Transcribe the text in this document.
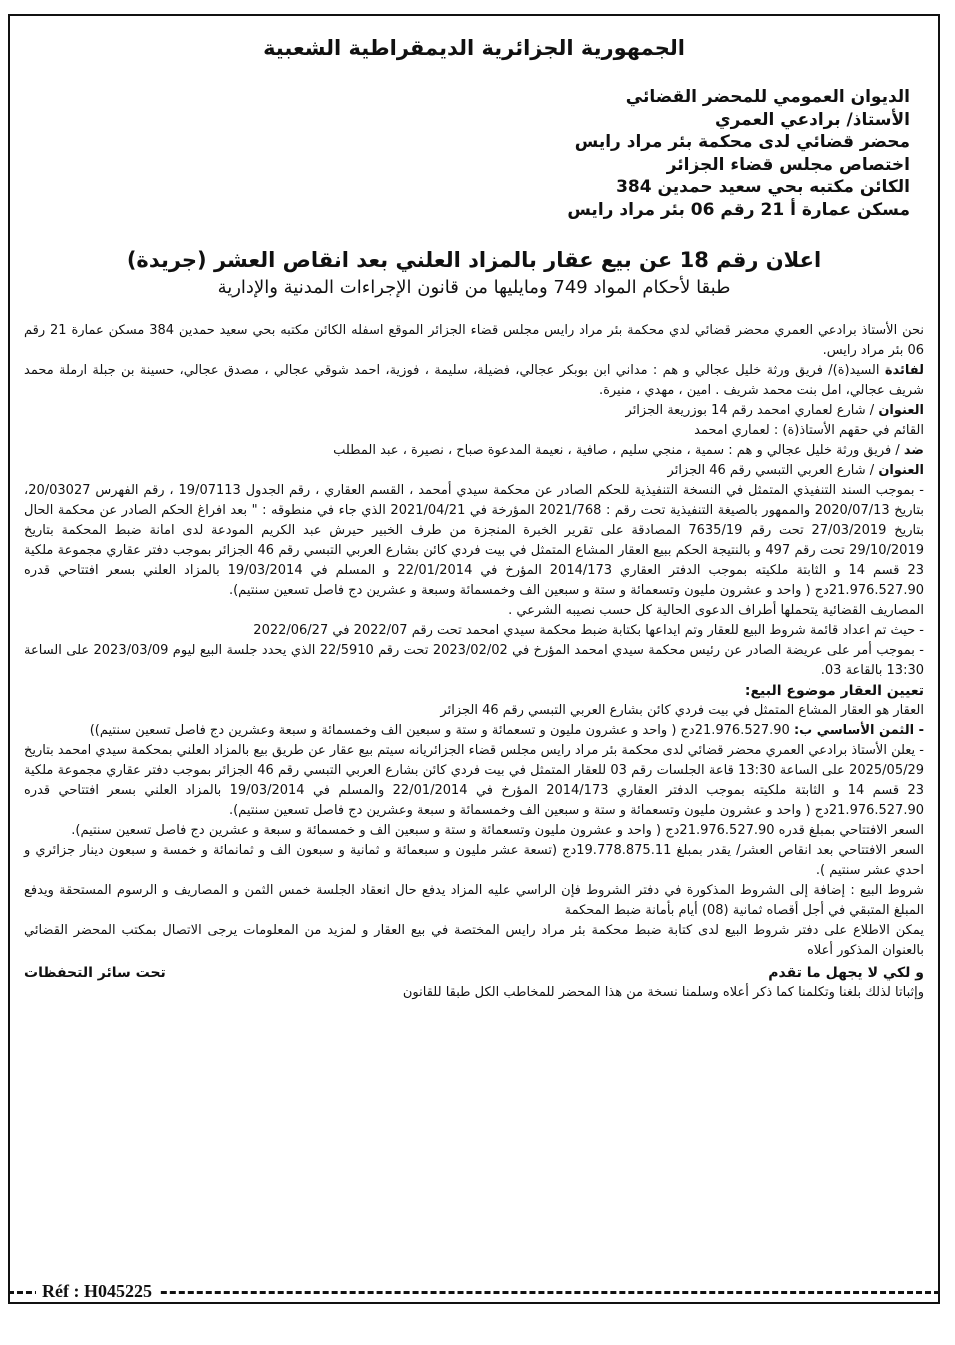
الجمهورية الجزائرية الديمقراطية الشعبية
الديوان العمومي للمحضر القضائي
الأستاذ/ برادعي العمري
محضر قضائي لدى محكمة بئر مراد رايس
اختصاص مجلس قضاء الجزائر
الكائن مكتبه بحي سعيد حمدين 384
مسكن عمارة أ 21 رقم 06 بئر مراد رايس
اعلان رقم 18 عن بيع عقار بالمزاد العلني بعد انقاص العشر (جريدة)
طبقا لأحكام المواد 749 ومايليها من قانون الإجراءات المدنية والإدارية

نحن الأستاذ برادعي العمري محضر قضائي لدي محكمة بئر مراد رايس مجلس قضاء الجزائر الموقع اسفله الكائن مكتبه بحي سعيد حمدين 384 مسكن عمارة 21 رقم 06 بئر مراد رايس.

لفائدة السيد(ة)/ فريق ورثة خليل عجالي و هم : مداني ابن بوبكر عجالي، فضيلة، سليمة ، فوزية، احمد شوقي عجالي ، مصدق عجالي، حسينة بن جبلة ارملة محمد شريف عجالي، امل بنت محمد شريف . امين ، مهدي ، منيرة.

العنوان / شارع لعماري امحمد رقم 14 بوزريعة الجزائر

القائم في حقهم الأستاذ(ة) : لعماري امحمد

ضد / فريق ورثة خليل عجالي و هم : سمية ، منجي سليم ، صافية ، نعيمة المدعوة صباح ، نصيرة ، عبد المطلب

العنوان / شارع العربي التبسي رقم 46 الجزائر

- بموجب السند التنفيذي المتمثل في النسخة التنفيذية للحكم الصادر عن محكمة سيدي أمحمد ، القسم العقاري ، رقم الجدول 19/07113 ، رقم الفهرس 20/03027، بتاريخ 2020/07/13 والممهور بالصيغة التنفيذية تحت رقم : 2021/768 المؤرخة في 2021/04/21 الذي جاء في منطوقه : " بعد افراغ الحكم الصادر عن محكمة الحال بتاريخ 27/03/2019 تحت رقم 7635/19 المصادقة على تقرير الخبرة المنجزة من طرف الخبير حيرش عبد الكريم المودعة لدى امانة ضبط المحكمة بتاريخ 29/10/2019 تحت رقم 497 و بالنتيجة الحكم ببيع العقار المشاع المتمثل في بيت فردي كائن بشارع العربي التبسي رقم 46 الجزائر بموجب دفتر عقاري مجموعة ملكية 23 قسم 14 و الثابتة ملكيته بموجب الدفتر العقاري 2014/173 المؤرخ في 22/01/2014 و المسلم في 19/03/2014 بالمزاد العلني بسعر افتتاحي قدره 21.976.527.90دج ( واحد و عشرون مليون وتسعمائة و ستة و سبعين الف وخمسمائة وسبعة و عشرين دج فاصل تسعين سنتيم).

المصاريف القضائية يتحملها أطراف الدعوى الحالية كل حسب نصيبه الشرعي .

- حيث تم اعداد قائمة شروط البيع للعقار وتم ايداعها بكتابة ضبط محكمة سيدي امحمد تحت رقم 2022/07 في 2022/06/27

- بموجب أمر على عريضة الصادر عن رئيس محكمة سيدي امحمد المؤرخ في 2023/02/02 تحت رقم 22/5910 الذي يحدد جلسة البيع ليوم 2023/03/09 على الساعة 13:30 بالقاعة 03.

تعيين العقار موضوع البيع:

العقار هو العقار المشاع المتمثل في بيت فردي كائن بشارع العربي التبسي رقم 46 الجزائر

- الثمن الأساسي ب: 21.976.527.90دج ( واحد و عشرون مليون و تسعمائة و ستة و سبعين الف وخمسمائة و سبعة وعشرين دج فاصل تسعين سنتيم))

- يعلن الأستاذ برادعي العمري محضر قضائي لدى محكمة بئر مراد رايس مجلس قضاء الجزائريانه سيتم بيع عقار عن طريق بيع بالمزاد العلني بمحكمة سيدي امحمد بتاريخ 2025/05/29 على الساعة 13:30 قاعة الجلسات رقم 03 للعقار المتمثل في بيت فردي كائن بشارع العربي التبسي رقم 46 الجزائر بموجب دفتر عقاري مجموعة ملكية 23 قسم 14 و الثابتة ملكيته بموجب الدفتر العقاري 2014/173 المؤرخ في 22/01/2014 والمسلم في 19/03/2014 بالمزاد العلني بسعر افتتاحي قدره 21.976.527.90دج ( واحد و عشرون مليون وتسعمائة و ستة و سبعين الف وخمسمائة و سبعة وعشرين دج فاصل تسعين سنتيم).

السعر الافتتاحي بمبلغ قدره 21.976.527.90دج ( واحد و عشرون مليون وتسعمائة و ستة و سبعين الف و خمسمائة و سبعة و عشرين دج فاصل تسعين سنتيم).

السعر الافتتاحي بعد انقاص العشر/ يقدر بمبلغ 19.778.875.11دج (تسعة عشر مليون و سبعمائة و ثمانية و سبعون الف و ثمانمائة و خمسة و سبعون دينار جزائري و احدي عشر سنتيم ).

شروط البيع : إضافة إلى الشروط المذكورة في دفتر الشروط فإن الراسي عليه المزاد يدفع حال انعقاد الجلسة خمس الثمن و المصاريف و الرسوم المستحقة ويدفع المبلغ المتبقي في أجل أقصاه ثمانية (08) أيام بأمانة ضبط المحكمة

يمكن الاطلاع على دفتر شروط البيع لدى كتابة ضبط محكمة بئر مراد رايس المختصة في بيع العقار و لمزيد من المعلومات يرجى الاتصال بمكتب المحضر القضائي بالعنوان المذكور أعلاه

و لكي لا يجهل ما تقدم
تحت سائر التحفظات

وإثباتا لذلك بلغنا وتكلمنا كما ذكر أعلاه وسلمنا نسخة من هذا المحضر للمخاطب الكل طبقا للقانون

Réf : H045225
